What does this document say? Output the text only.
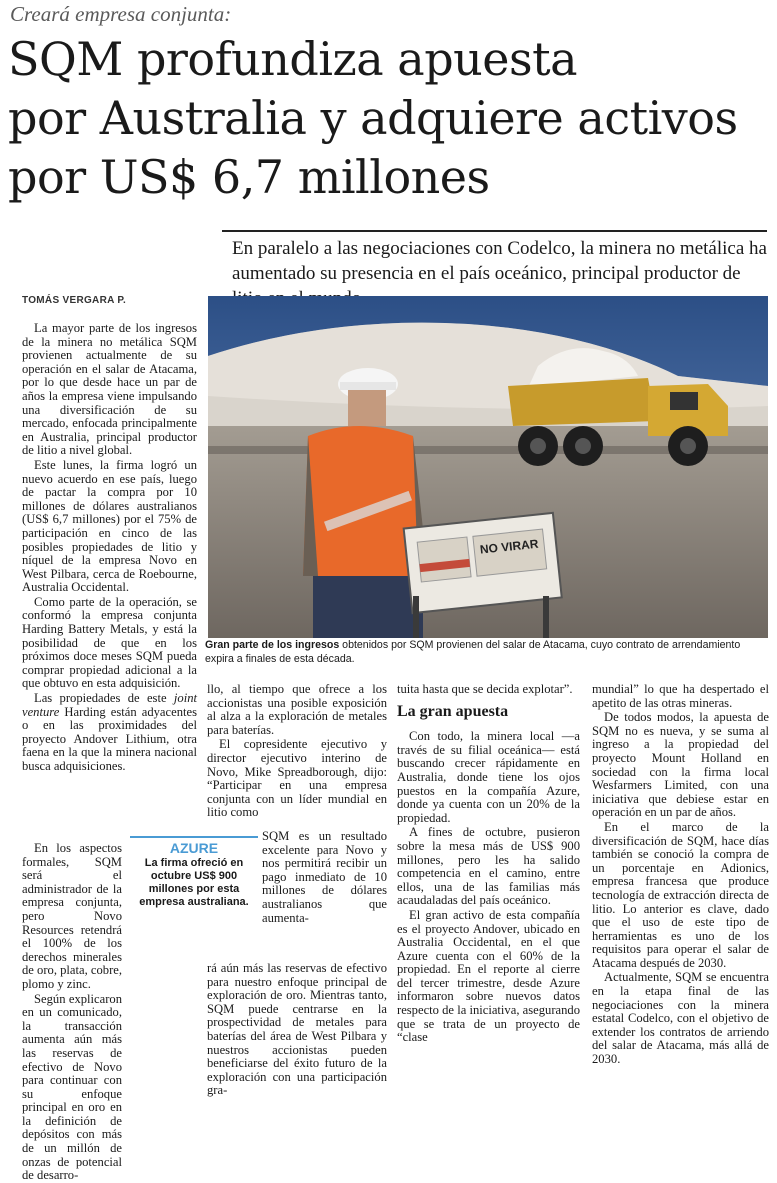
Creará empresa conjunta:
SQM profundiza apuesta
por Australia y adquiere activos
por US$ 6,7 millones
En paralelo a las negociaciones con Codelco, la minera no metálica ha aumentado su presencia en el país oceánico, principal productor de
TOMÁS VERGARA P.
NO VIRAR
Gran parte de los ingresos obtenidos por SQM provienen del salar de Atacama, cuyo contrato de arrendamiento expira a finales de esta década.

La mayor parte de los ingresos de la minera no metálica SQM provienen actualmente de su operación en el salar de Atacama, por lo que desde hace un par de años la empresa viene impulsando una diversificación de su mercado, enfocada principalmente en Australia, principal productor de litio a nivel global.

Este lunes, la firma logró un nuevo acuerdo en ese país, luego de pactar la compra por 10 millones de dólares australianos (US$ 6,7 millones) por el 75% de participación en cinco de las posibles propiedades de litio y níquel de la empresa Novo en West Pilbara, cerca de Roebourne, Australia Occidental.

Como parte de la operación, se conformó la empresa conjunta Harding Battery Metals, y está la posibilidad de que en los próximos doce meses SQM pueda comprar propiedad adicional a la que obtuvo en esta adquisición.

Las propiedades de este joint venture Harding están adyacentes o en las proximidades del proyecto Andover Lithium, otra faena en la que la minera nacional busca adquisiciones.

En los aspectos formales, SQM será el administrador de la empresa conjunta, pero Novo Resources retendrá el 100% de los derechos minerales de oro, plata, cobre, plomo y zinc.

Según explicaron en un comunicado, la transacción aumenta aún más las reservas de efectivo de Novo para continuar con su enfoque principal en oro en la definición de depósitos con más de un millón de onzas de potencial de desarro-

AZURE
La firma ofreció en octubre US$ 900 millones por esta empresa australiana.

llo, al tiempo que ofrece a los accionistas una posible exposición al alza a la exploración de metales para baterías.

El copresidente ejecutivo y director ejecutivo interino de Novo, Mike Spreadborough, dijo: “Participar en una empresa conjunta con un líder mundial en litio como

SQM es un resultado excelente para Novo y nos permitirá recibir un pago inmediato de 10 millones de dólares australianos que aumenta-

rá aún más las reservas de efectivo para nuestro enfoque principal de exploración de oro. Mientras tanto, SQM puede centrarse en la prospectividad de metales para baterías del área de West Pilbara y nuestros accionistas pueden beneficiarse del éxito futuro de la exploración con una participación gra-

tuita hasta que se decida explotar”.

La gran apuesta

Con todo, la minera local —a través de su filial oceánica— está buscando crecer rápidamente en Australia, donde tiene los ojos puestos en la compañía Azure, donde ya cuenta con un 20% de la propiedad.

A fines de octubre, pusieron sobre la mesa más de US$ 900 millones, pero les ha salido competencia en el camino, entre ellos, una de las familias más acaudaladas del país oceánico.

El gran activo de esta compañía es el proyecto Andover, ubicado en Australia Occidental, en el que Azure cuenta con el 60% de la propiedad. En el reporte al cierre del tercer trimestre, desde Azure informaron sobre nuevos datos respecto de la iniciativa, asegurando que se trata de un proyecto de “clase

mundial” lo que ha despertado el apetito de las otras mineras.

De todos modos, la apuesta de SQM no es nueva, y se suma al ingreso a la propiedad del proyecto Mount Holland en sociedad con la firma local Wesfarmers Limited, con una iniciativa que debiese estar en operación en un par de años.

En el marco de la diversificación de SQM, hace días también se conoció la compra de un porcentaje en Adionics, empresa francesa que produce tecnología de extracción directa de litio. Lo anterior es clave, dado que el uso de este tipo de herramientas es uno de los requisitos para operar el salar de Atacama después de 2030.

Actualmente, SQM se encuentra en la etapa final de las negociaciones con la minera estatal Codelco, con el objetivo de extender los contratos de arriendo del salar de Atacama, más allá de 2030.
